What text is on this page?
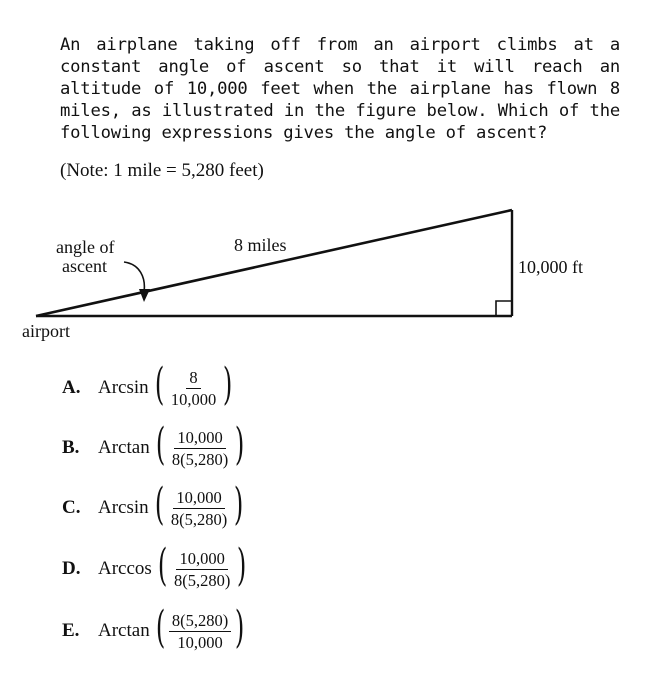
An airplane taking off from an airport climbs at a constant angle of ascent so that it will reach an altitude of 10,000 feet when the airplane has flown 8 miles, as illustrated in the figure below. Which of the following expressions gives the angle of ascent?

(Note: 1 mile = 5,280 feet)
angle of
ascent
8 miles
10,000 ft
airport
A. Arcsin ( $\frac{8}{10,000}$ )
B. Arctan ( $\frac{10,000}{8(5,280)}$ )
C. Arcsin ( $\frac{10,000}{8(5,280)}$ )
D. Arccos ( $\frac{10,000}{8(5,280)}$ )
E. Arctan ( $\frac{8(5,280)}{10,000}$ )
